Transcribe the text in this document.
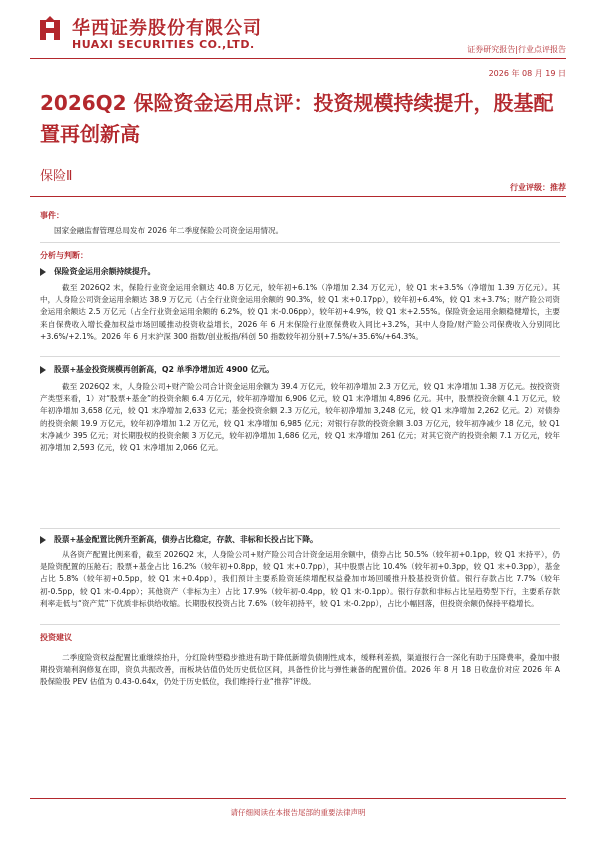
华西证券股份有限公司
HUAXI SECURITIES CO.,LTD.	证券研究报告|行业点评报告
2026 年 08 月 19 日
2026Q2 保险资金运用点评：投资规模持续提升，股基配置再创新高
保险Ⅱ
行业评级：推荐
事件：
国家金融监督管理总局发布 2026 年二季度保险公司资金运用情况。
分析与判断：
保险资金运用余额持续提升。
截至 2026Q2 末，保险行业资金运用余额达 40.8 万亿元，较年初+6.1%（净增加 2.34 万亿元），较 Q1 末+3.5%（净增加 1.39 万亿元）。其中，人身险公司资金运用余额达 38.9 万亿元（占全行业资金运用余额的 90.3%，较 Q1 末+0.17pp），较年初+6.4%，较 Q1 末+3.7%；财产险公司资金运用余额达 2.5 万亿元（占全行业资金运用余额的 6.2%，较 Q1 末-0.06pp），较年初+4.9%，较 Q1 末+2.55%。保险资金运用余额稳健增长，主要来自保费收入增长叠加权益市场回暖推动投资收益增长，2026 年 6 月末保险行业原保费收入同比+3.2%，其中人身险/财产险公司保费收入分别同比+3.6%/+2.1%。2026 年 6 月末沪深 300 指数/创业板指/科创 50 指数较年初分别+7.5%/+35.6%/+64.3%。
股票+基金投资规模再创新高，Q2 单季净增加近 4900 亿元。
截至 2026Q2 末，人身险公司+财产险公司合计资金运用余额为 39.4 万亿元，较年初净增加 2.3 万亿元，较 Q1 末净增加 1.38 万亿元。按投资资产类型来看，1）对“股票+基金”的投资余额 6.4 万亿元，较年初净增加 6,906 亿元，较 Q1 末净增加 4,896 亿元。其中，股票投资余额 4.1 万亿元，较年初净增加 3,658 亿元，较 Q1 末净增加 2,633 亿元；基金投资余额 2.3 万亿元，较年初净增加 3,248 亿元，较 Q1 末净增加 2,262 亿元。2）对债券的投资余额 19.9 万亿元，较年初净增加 1.2 万亿元，较 Q1 末净增加 6,985 亿元；对银行存款的投资余额 3.03 万亿元，较年初净减少 18 亿元，较 Q1 末净减少 395 亿元；对长期股权的投资余额 3 万亿元，较年初净增加 1,686 亿元，较 Q1 末净增加 261 亿元；对其它资产的投资余额 7.1 万亿元，较年初净增加 2,593 亿元，较 Q1 末净增加 2,066 亿元。
股票+基金配置比例升至新高，债券占比稳定，存款、非标和长投占比下降。
从各资产配置比例来看，截至 2026Q2 末，人身险公司+财产险公司合计资金运用余额中，债券占比 50.5%（较年初+0.1pp，较 Q1 末持平），仍是险资配置的压舱石；股票+基金占比 16.2%（较年初+0.8pp，较 Q1 末+0.7pp），其中股票占比 10.4%（较年初+0.3pp，较 Q1 末+0.3pp），基金占比 5.8%（较年初+0.5pp，较 Q1 末+0.4pp），我们预计主要系险资延续增配权益叠加市场回暖推升股基投资价值。银行存款占比 7.7%（较年初-0.5pp，较 Q1 末-0.4pp）；其他资产（非标为主）占比 17.9%（较年初-0.4pp，较 Q1 末-0.1pp）。银行存款和非标占比呈趋势型下行，主要系存款利率走低与“资产荒”下优质非标供给收缩。长期股权投资占比 7.6%（较年初持平，较 Q1 末-0.2pp），占比小幅回落，但投资余额仍保持平稳增长。
投资建议
二季度险资权益配置比重继续抬升，分红险转型稳步推进有助于降低新增负债刚性成本，缓释利差损，渠道报行合一深化有助于压降费率，叠加中报期投资端利润修复在即，资负共振改善，而板块估值仍处历史低位区间，具备性价比与弹性兼备的配置价值。2026 年 8 月 18 日收盘价对应 2026 年 A 股保险股 PEV 估值为 0.43-0.64x，仍处于历史低位，我们维持行业“推荐”评级。
请仔细阅读在本报告尾部的重要法律声明
